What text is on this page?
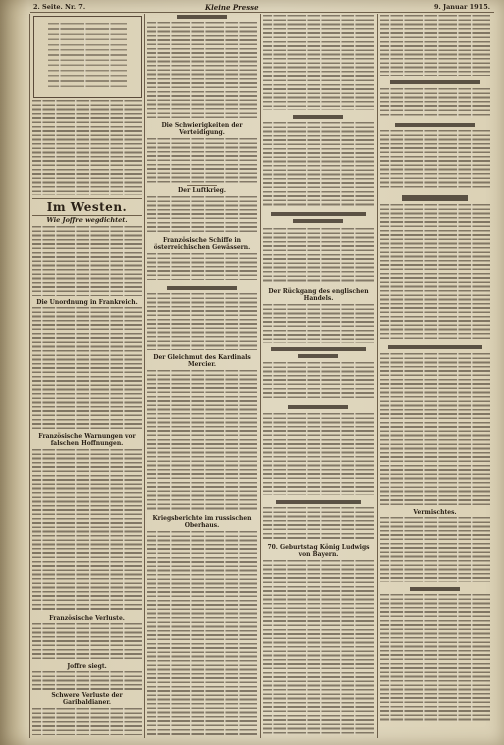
2. Seite. Nr. 7.	Kleine Presse	9. Januar 1915.
Im Westen.
Wie Joffre wegdichtet.
Die Unordnung in Frankreich.
Französische Warnungen vor falschen Hoffnungen.
Französische Verluste.
Joffre siegt.
Schwere Verluste der Garibaldianer.
Die Schwierigkeiten der Verteidigung.
Der Luftkrieg.
Französische Schiffe in österreichischen Gewässern.
Der Gleichmut des Kardinals Mercier.
Kriegsberichte im russischen Oberhaus.
Der Rückgang des englischen Handels.
70. Geburtstag König Ludwigs von Bayern.
Vermischtes.
